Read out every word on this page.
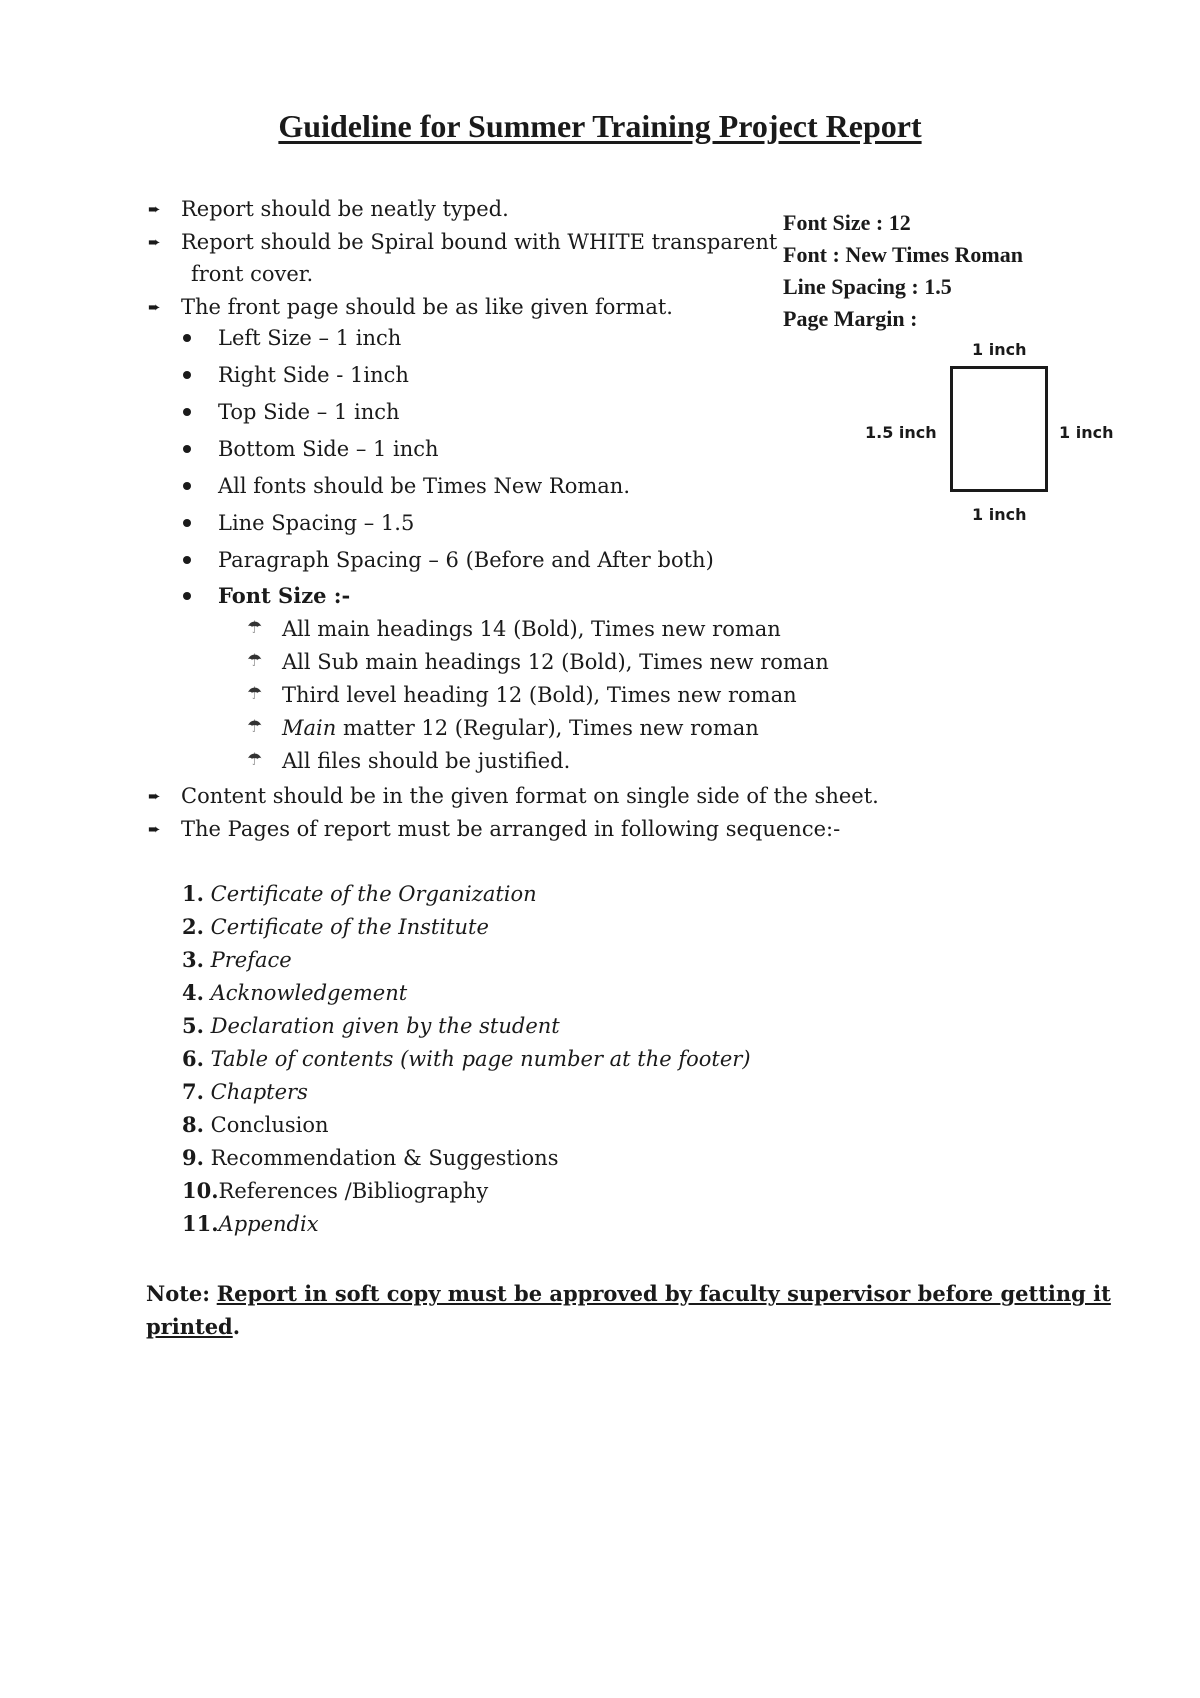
Guideline for Summer Training Project Report
➨ Report should be neatly typed.
➨ Report should be Spiral bound with WHITE transparent
front cover.
➨ The front page should be as like given format.
Left Size – 1 inch
Right Side - 1inch
Top Side – 1 inch
Bottom Side – 1 inch
All fonts should be Times New Roman.
Line Spacing – 1.5
Paragraph Spacing – 6 (Before and After both)
Font Size :-
☂ All main headings 14 (Bold), Times new roman
☂ All Sub main headings 12 (Bold), Times new roman
☂ Third level heading 12 (Bold), Times new roman
☂ Main matter 12 (Regular), Times new roman
☂ All files should be justified.
➨ Content should be in the given format on single side of the sheet.
➨ The Pages of report must be arranged in following sequence:-
1. Certificate of the Organization
2. Certificate of the Institute
3. Preface
4. Acknowledgement
5. Declaration given by the student
6. Table of contents (with page number at the footer)
7. Chapters
8. Conclusion
9. Recommendation & Suggestions
10.References /Bibliography
11.Appendix
Note: Report in soft copy must be approved by faculty supervisor before getting it
printed.
Font Size : 12
Font : New Times Roman
Line Spacing : 1.5
Page Margin :
1 inch
1.5 inch	1 inch
1 inch
